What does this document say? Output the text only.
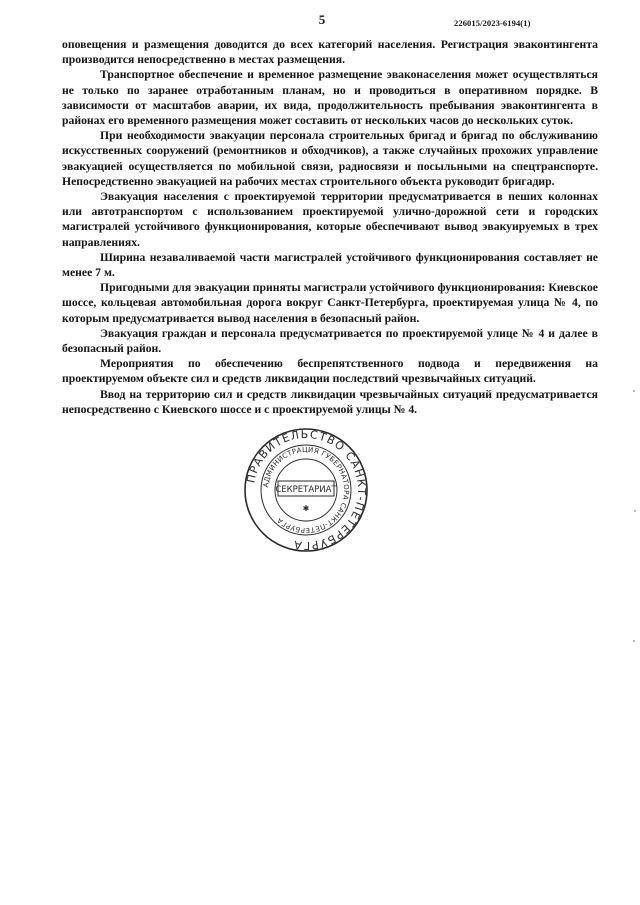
5	226015/2023-6194(1)

оповещения и размещения доводится до всех категорий населения. Регистрация эваконтингента производится непосредственно в местах размещения.

Транспортное обеспечение и временное размещение эваконаселения может осуществляться не только по заранее отработанным планам, но и проводиться в оперативном порядке. В зависимости от масштабов аварии, их вида, продолжительность пребывания эваконтингента в районах его временного размещения может составить от нескольких часов до нескольких суток.

При необходимости эвакуации персонала строительных бригад и бригад по обслуживанию искусственных сооружений (ремонтников и обходчиков), а также случайных прохожих управление эвакуацией осуществляется по мобильной связи, радиосвязи и посыльными на спецтранспорте. Непосредственно эвакуацией на рабочих местах строительного объекта руководит бригадир.

Эвакуация населения с проектируемой территории предусматривается в пеших колоннах или автотранспортом с использованием проектируемой улично-дорожной сети и городских магистралей устойчивого функционирования, которые обеспечивают вывод эвакуируемых в трех направлениях.

Ширина незаваливаемой части магистралей устойчивого функционирования составляет не менее 7 м.

Пригодными для эвакуации приняты магистрали устойчивого функционирования: Киевское шоссе, кольцевая автомобильная дорога вокруг Санкт-Петербурга, проектируемая улица № 4, по которым предусматривается вывод населения в безопасный район.

Эвакуация граждан и персонала предусматривается по проектируемой улице № 4 и далее в безопасный район.

Мероприятия по обеспечению беспрепятственного подвода и передвижения на проектируемом объекте сил и средств ликвидации последствий чрезвычайных ситуаций.

Ввод на территорию сил и средств ликвидации чрезвычайных ситуаций предусматривается непосредственно с Киевского шоссе и с проектируемой улицы № 4.

ПРАВИТЕЛЬСТВО САНКТ-ПЕТЕРБУРГА
АДМИНИСТРАЦИЯ ГУБЕРНАТОРА САНКТ-ПЕТЕРБУРГА
СЕКРЕТАРИАТ
✱
